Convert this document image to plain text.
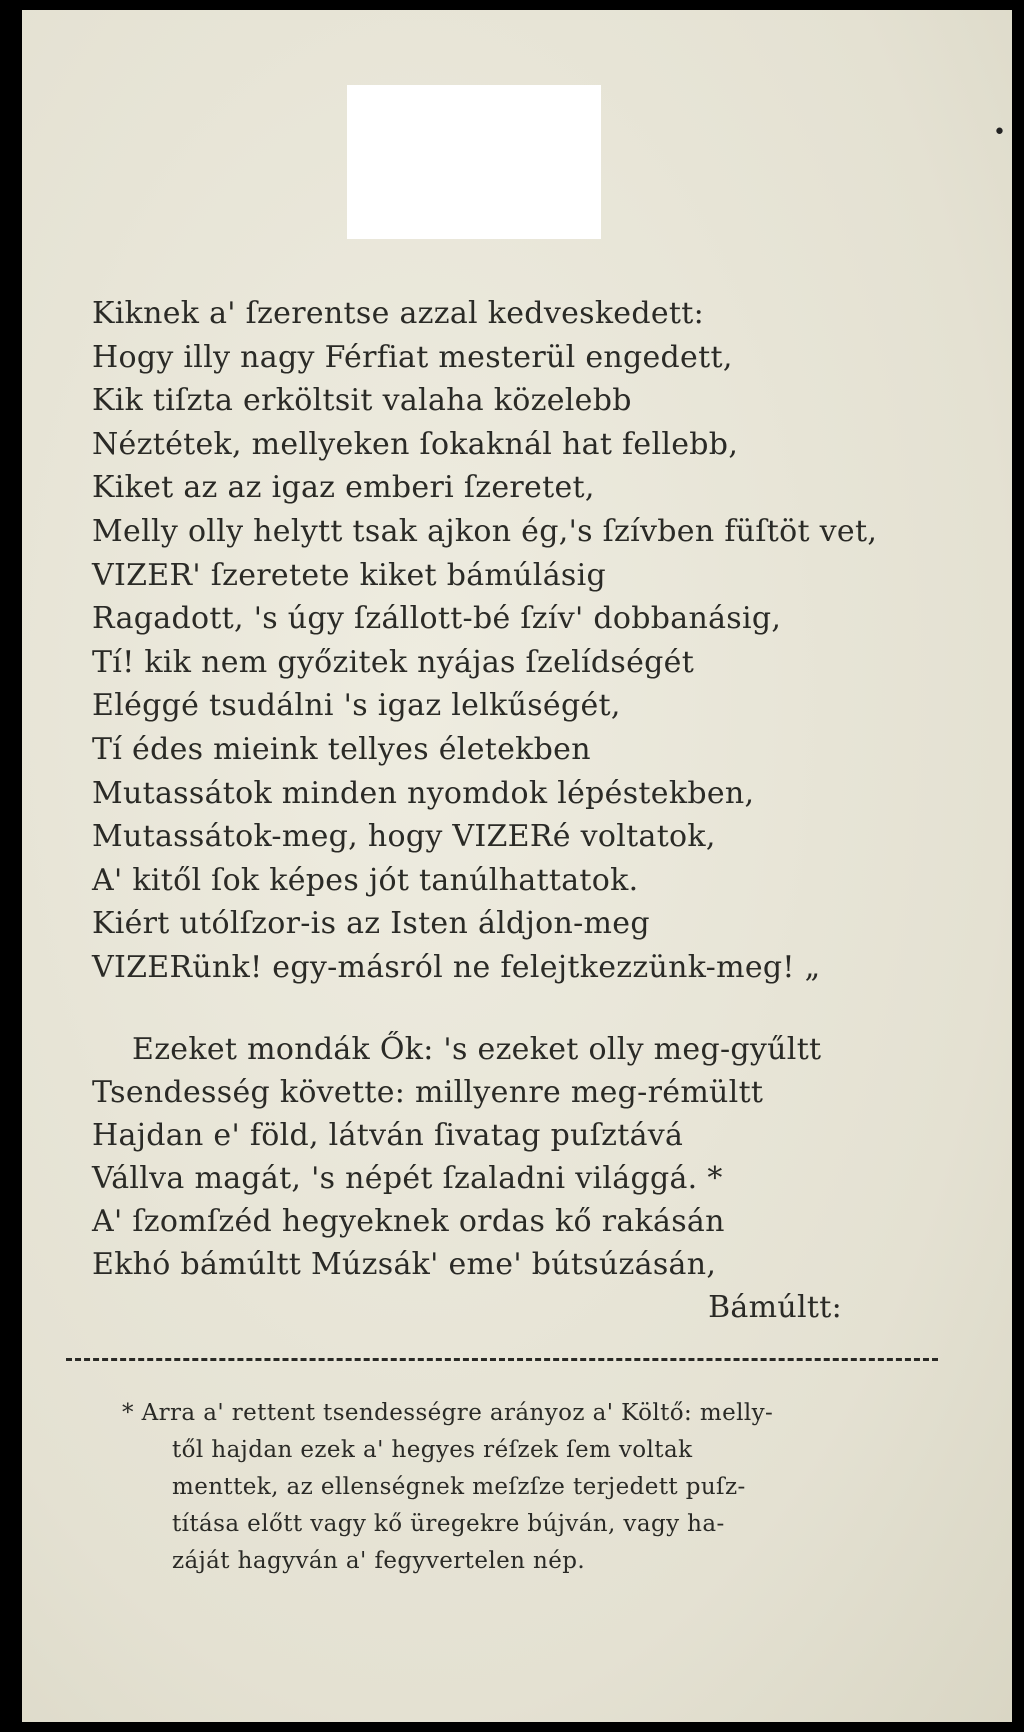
•
Kiknek a' ſzerentse azzal kedveskedett:
Hogy illy nagy Férfiat mesterül engedett,
Kik tiſzta erköltsit valaha közelebb
Néztétek, mellyeken ſokaknál hat fellebb,
Kiket az az igaz emberi ſzeretet,
Melly olly helytt tsak ajkon ég,'s ſzívben füſtöt vet,
VIZER' ſzeretete kiket bámúlásig
Ragadott, 's úgy ſzállott-bé ſzív' dobbanásig,
Tí! kik nem győzitek nyájas ſzelídségét
Eléggé tsudálni 's igaz lelkűségét,
Tí édes mieink tellyes életekben
Mutassátok minden nyomdok lépéstekben,
Mutassátok-meg, hogy VIZERé voltatok,
A' kitől ſok képes jót tanúlhattatok.
Kiért utólſzor-is az Isten áldjon-meg
VIZERünk! egy-másról ne felejtkezzünk-meg! „
Ezeket mondák Ők: 's ezeket olly meg-gyűltt
Tsendesség követte: millyenre meg-rémültt
Hajdan e' föld, látván ſivatag puſztává
Vállva magát, 's népét ſzaladni világgá. *
A' ſzomſzéd hegyeknek ordas kő rakásán
Ekhó bámúltt Múzsák' eme' bútsúzásán,
Bámúltt:
* Arra a' rettent tsendességre arányoz a' Költő: melly-
től hajdan ezek a' hegyes réſzek ſem voltak
menttek, az ellenségnek meſzſze terjedett puſz-
títása előtt vagy kő üregekre bújván, vagy ha-
záját hagyván a' fegyvertelen nép.
